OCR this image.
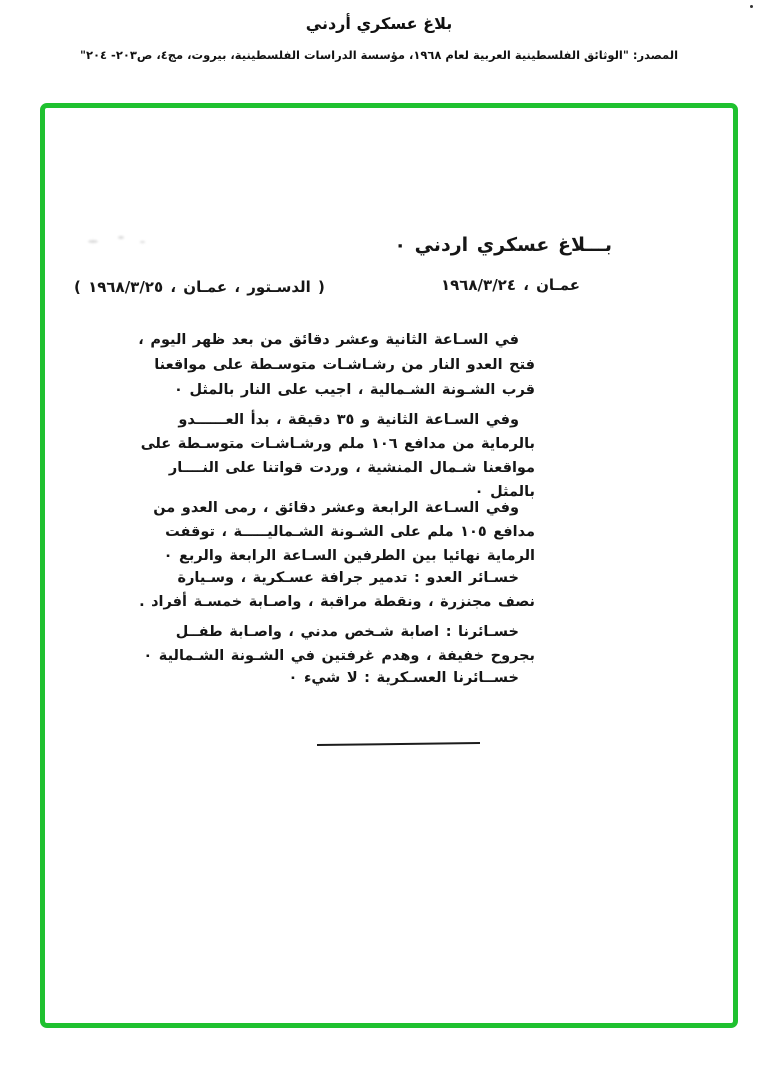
بلاغ عسكري أردني
المصدر: "الوثائق الفلسطينية العربية لعام ١٩٦٨، مؤسسة الدراسات الفلسطينية، بيروت، مج٤، ص٢٠٣- ٢٠٤"
بـــلاغ عسكري اردني ٠
عمـان ، ١٩٦٨/٣/٢٤
( الدسـتور ، عمـان ، ١٩٦٨/٣/٢٥ )
في السـاعة الثانية وعشر دقائق من بعد ظهر اليوم ،
فتح العدو النار من رشـاشـات متوسـطة على مواقعنا
قرب الشـونة الشـمالية ، اجيب على النار بالمثل ٠
وفي السـاعة الثانية و ٣٥ دقيقة ، بدأ العــــــدو
بالرماية من مدافع ١٠٦ ملم ورشـاشـات متوسـطة على
مواقعنا شـمال المنشية ، وردت قواتنا على النــــار
بالمثل ٠
وفي السـاعة الرابعة وعشر دقائق ، رمى العدو من
مدافع ١٠٥ ملم على الشـونة الشـماليـــــة ، توقفت
الرماية نهائيا بين الطرفين السـاعة الرابعة والربع ٠
خسـائر العدو : تدمير جرافة عسـكرية ، وسـيارة
نصف مجنزرة ، ونقطة مراقبة ، واصـابة خمسـة أفراد .
خسـائرنا : اصابة شـخص مدني ، واصـابة طفــل
بجروح خفيفة ، وهدم غرفتين في الشـونة الشـمالية ٠
خســائرنا العسـكرية : لا شيء ٠
